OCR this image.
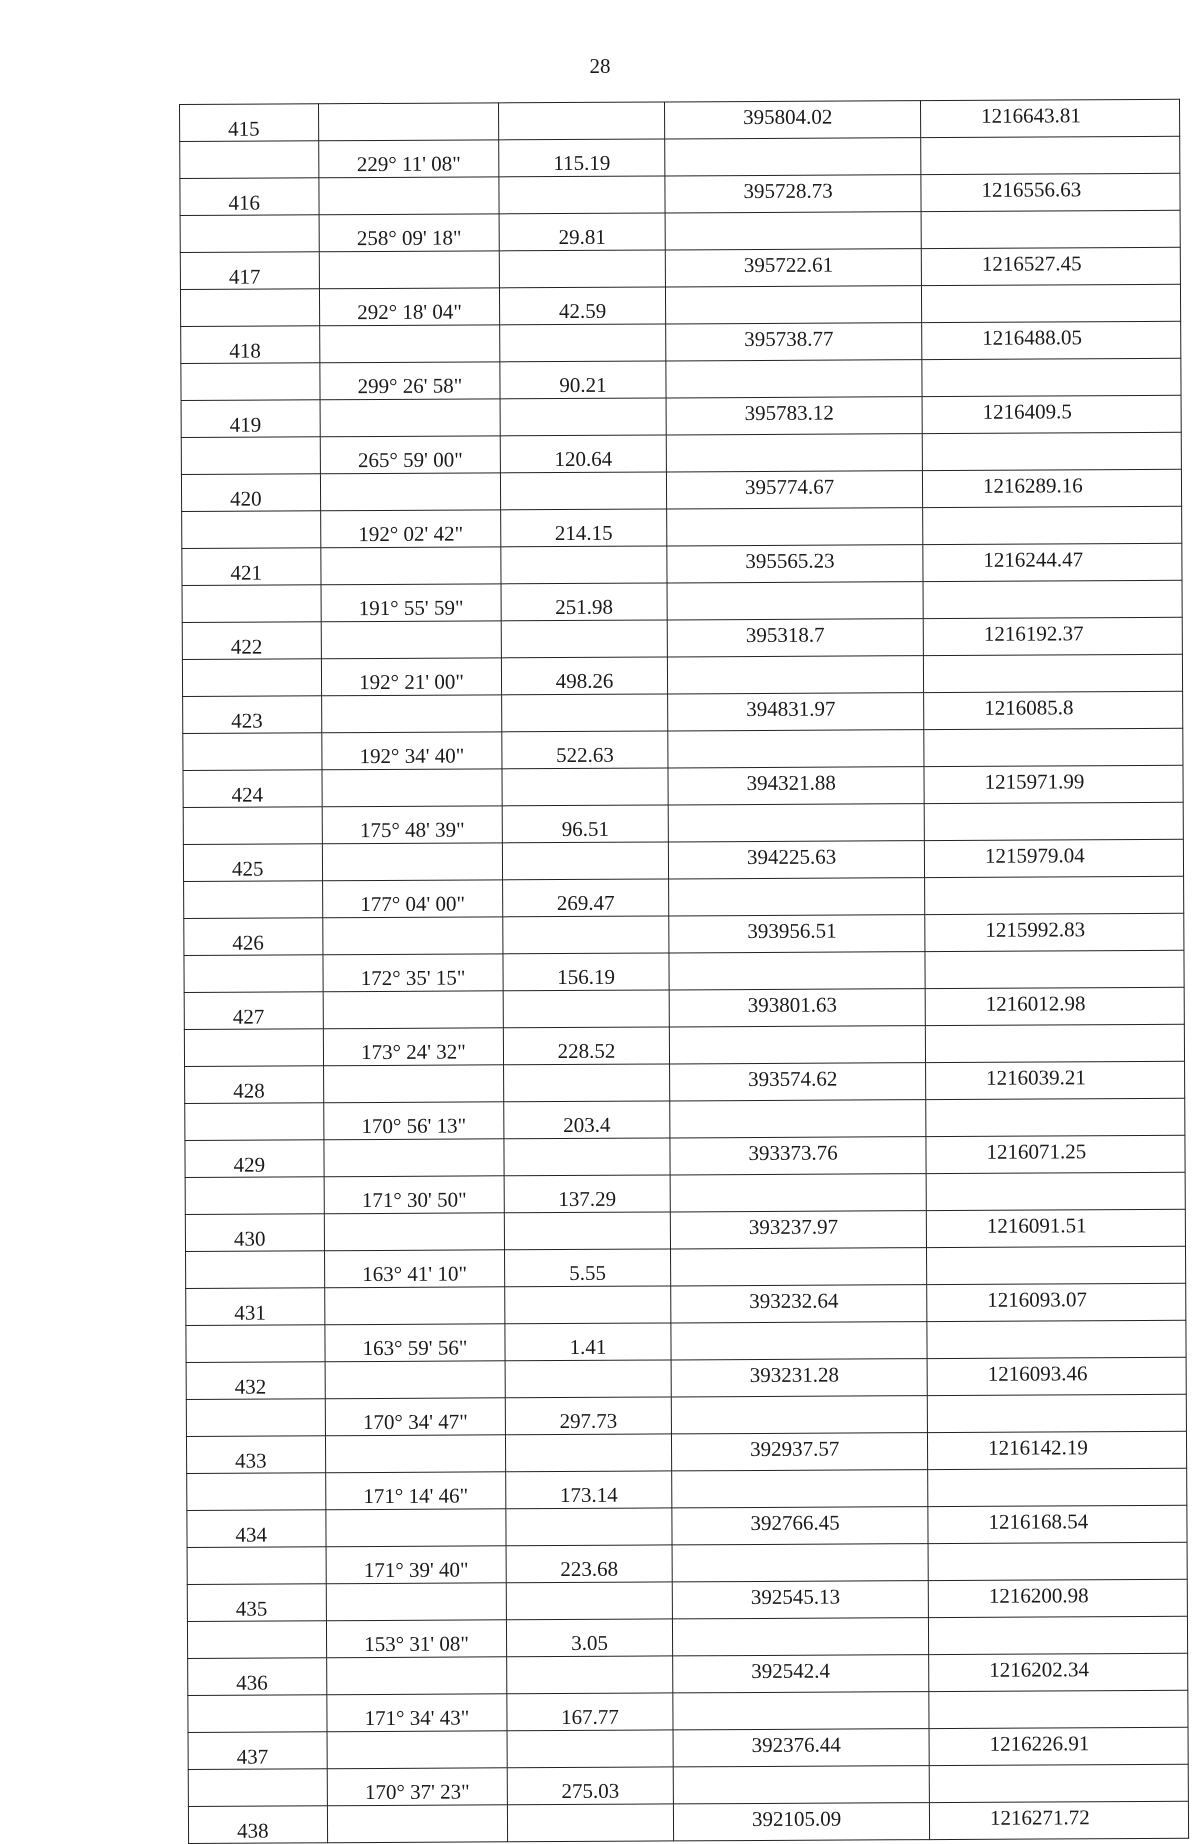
28
415			395804.02	1216643.81
	229° 11' 08"	115.19		
416			395728.73	1216556.63
	258° 09' 18"	29.81		
417			395722.61	1216527.45
	292° 18' 04"	42.59		
418			395738.77	1216488.05
	299° 26' 58"	90.21		
419			395783.12	1216409.5
	265° 59' 00"	120.64		
420			395774.67	1216289.16
	192° 02' 42"	214.15		
421			395565.23	1216244.47
	191° 55' 59"	251.98		
422			395318.7	1216192.37
	192° 21' 00"	498.26		
423			394831.97	1216085.8
	192° 34' 40"	522.63		
424			394321.88	1215971.99
	175° 48' 39"	96.51		
425			394225.63	1215979.04
	177° 04' 00"	269.47		
426			393956.51	1215992.83
	172° 35' 15"	156.19		
427			393801.63	1216012.98
	173° 24' 32"	228.52		
428			393574.62	1216039.21
	170° 56' 13"	203.4		
429			393373.76	1216071.25
	171° 30' 50"	137.29		
430			393237.97	1216091.51
	163° 41' 10"	5.55		
431			393232.64	1216093.07
	163° 59' 56"	1.41		
432			393231.28	1216093.46
	170° 34' 47"	297.73		
433			392937.57	1216142.19
	171° 14' 46"	173.14		
434			392766.45	1216168.54
	171° 39' 40"	223.68		
435			392545.13	1216200.98
	153° 31' 08"	3.05		
436			392542.4	1216202.34
	171° 34' 43"	167.77		
437			392376.44	1216226.91
	170° 37' 23"	275.03		
438			392105.09	1216271.72
